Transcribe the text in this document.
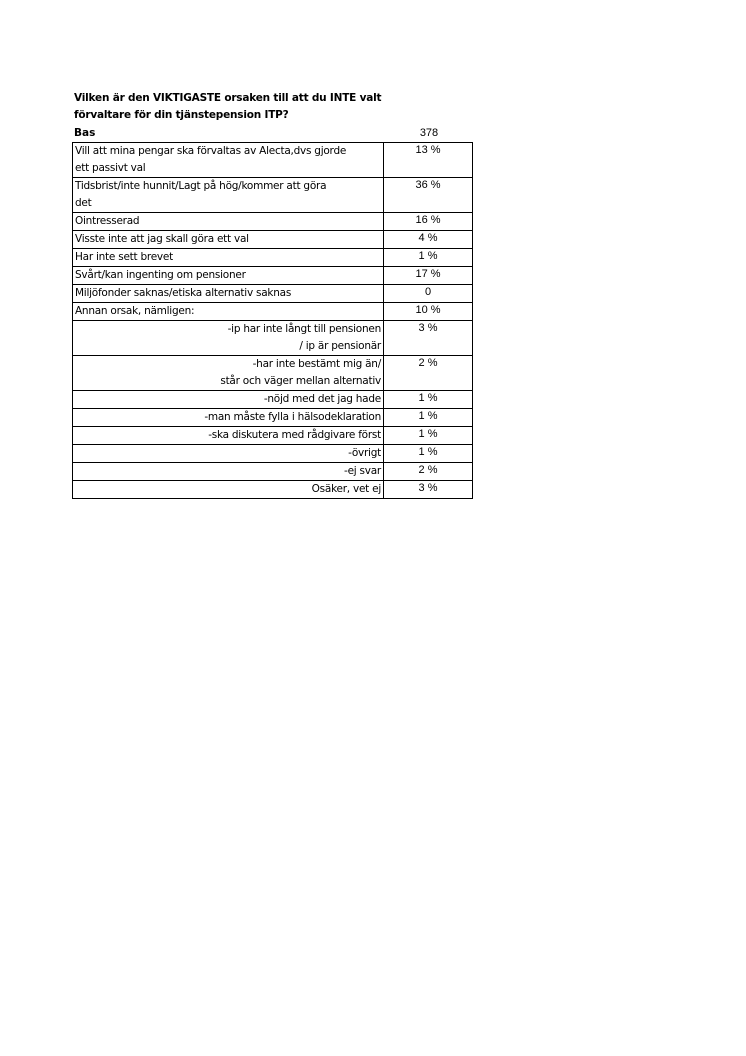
Vilken är den VIKTIGASTE orsaken till att du INTE valt
förvaltare för din tjänstepension ITP?
Bas	378
Vill att mina pengar ska förvaltas av Alecta,dvs gjorde
ett passivt val	13 %

Tidsbrist/inte hunnit/Lagt på hög/kommer att göra
det	36 %
Ointresserad	16 %
Visste inte att jag skall göra ett val	4 %
Har inte sett brevet	1 %
Svårt/kan ingenting om pensioner	17 %
Miljöfonder saknas/etiska alternativ saknas	0
Annan orsak, nämligen:	10 %

-ip har inte långt till pensionen
/ ip är pensionär	3 %

-har inte bestämt mig än/
står och väger mellan alternativ	2 %
-nöjd med det jag hade	1 %
-man måste fylla i hälsodeklaration	1 %
-ska diskutera med rådgivare först	1 %
-övrigt	1 %
-ej svar	2 %
Osäker, vet ej	3 %
